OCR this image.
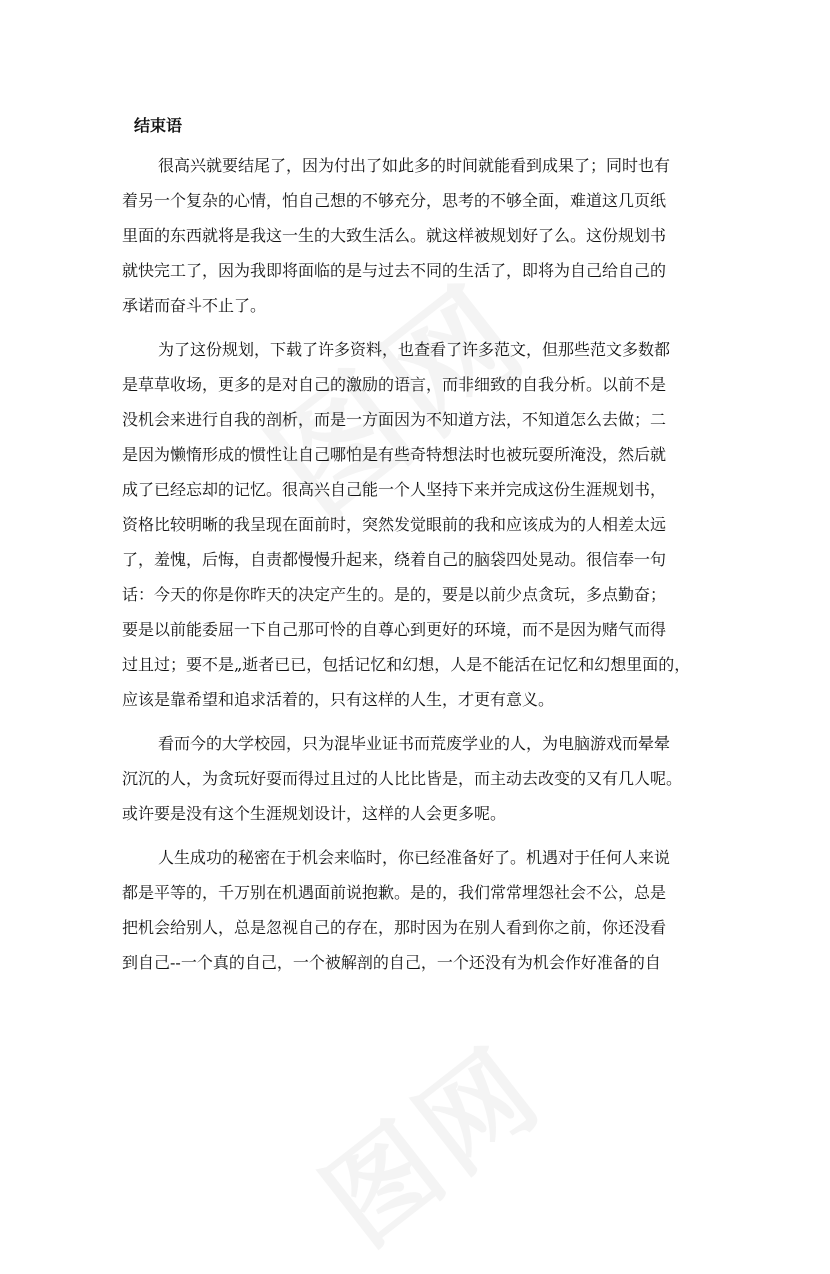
结束语
很高兴就要结尾了，因为付出了如此多的时间就能看到成果了；同时也有
着另一个复杂的心情，怕自己想的不够充分，思考的不够全面，难道这几页纸
里面的东西就将是我这一生的大致生活么。就这样被规划好了么。这份规划书
就快完工了，因为我即将面临的是与过去不同的生活了，即将为自己给自己的
承诺而奋斗不止了。
为了这份规划，下载了许多资料，也查看了许多范文，但那些范文多数都
是草草收场，更多的是对自己的激励的语言，而非细致的自我分析。以前不是
没机会来进行自我的剖析，而是一方面因为不知道方法，不知道怎么去做；二
是因为懒惰形成的惯性让自己哪怕是有些奇特想法时也被玩耍所淹没，然后就
成了已经忘却的记忆。很高兴自己能一个人坚持下来并完成这份生涯规划书，
资格比较明晰的我呈现在面前时，突然发觉眼前的我和应该成为的人相差太远
了，羞愧，后悔，自责都慢慢升起来，绕着自己的脑袋四处晃动。很信奉一句
话：今天的你是你昨天的决定产生的。是的，要是以前少点贪玩，多点勤奋；
要是以前能委屈一下自己那可怜的自尊心到更好的环境，而不是因为赌气而得
过且过；要不是„逝者已已，包括记忆和幻想，人是不能活在记忆和幻想里面的，
应该是靠希望和追求活着的，只有这样的人生，才更有意义。
看而今的大学校园，只为混毕业证书而荒废学业的人，为电脑游戏而晕晕
沉沉的人，为贪玩好耍而得过且过的人比比皆是，而主动去改变的又有几人呢。
或许要是没有这个生涯规划设计，这样的人会更多呢。
人生成功的秘密在于机会来临时，你已经准备好了。机遇对于任何人来说
都是平等的，千万别在机遇面前说抱歉。是的，我们常常埋怨社会不公，总是
把机会给别人，总是忽视自己的存在，那时因为在别人看到你之前，你还没看
到自己--一个真的自己，一个被解剖的自己，一个还没有为机会作好准备的自
